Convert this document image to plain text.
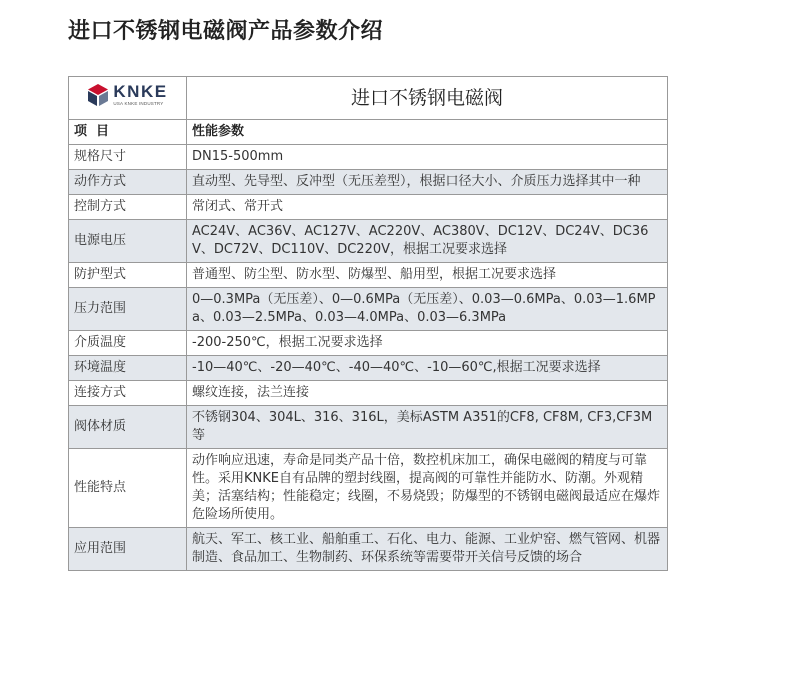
进口不锈钢电磁阀产品参数介绍
KNKE
USA KNKE INDUSTRY	进口不锈钢电磁阀
项  目	性能参数
规格尺寸	DN15-500mm
动作方式	直动型、先导型、反冲型（无压差型），根据口径大小、介质压力选择其中一种
控制方式	常闭式、常开式
电源电压	AC24V、AC36V、AC127V、AC220V、AC380V、DC12V、DC24V、DC36V、DC72V、DC110V、DC220V，根据工况要求选择
防护型式	普通型、防尘型、防水型、防爆型、船用型，根据工况要求选择
压力范围	0—0.3MPa（无压差）、0—0.6MPa（无压差）、0.03—0.6MPa、0.03—1.6MPa、0.03—2.5MPa、0.03—4.0MPa、0.03—6.3MPa
介质温度	-200-250℃，根据工况要求选择
环境温度	-10—40℃、-20—40℃、-40—40℃、-10—60℃,根据工况要求选择
连接方式	螺纹连接，法兰连接
阀体材质	不锈钢304、304L、316、316L，美标ASTM A351的CF8, CF8M, CF3,CF3M等
性能特点	动作响应迅速，寿命是同类产品十倍，数控机床加工，确保电磁阀的精度与可靠性。采用KNKE自有品牌的塑封线圈，提高阀的可靠性并能防水、防潮。外观精美；活塞结构；性能稳定；线圈，不易烧毁；防爆型的不锈钢电磁阀最适应在爆炸危险场所使用。
应用范围	航天、军工、核工业、船舶重工、石化、电力、能源、工业炉窑、燃气管网、机器制造、食品加工、生物制药、环保系统等需要带开关信号反馈的场合
